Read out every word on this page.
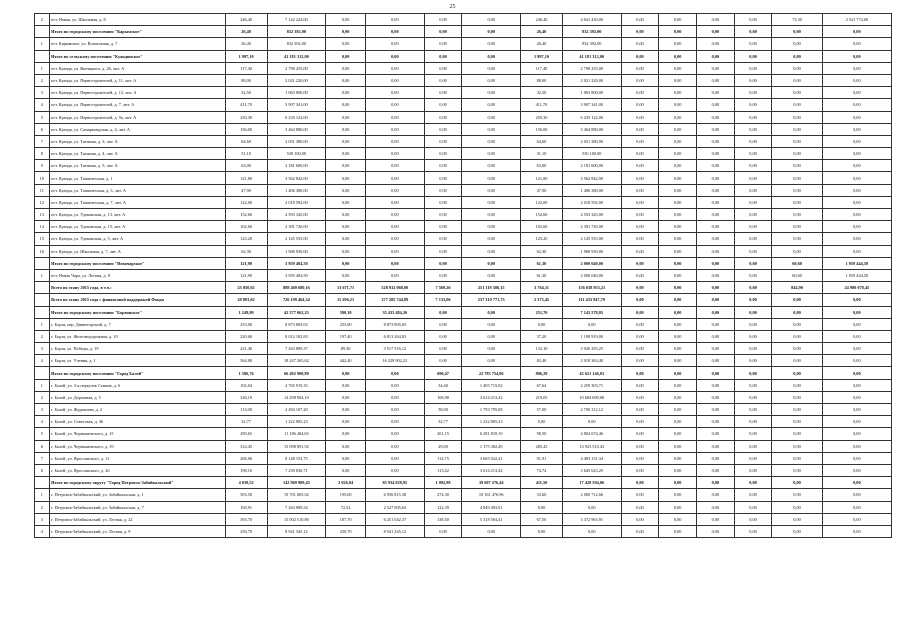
25
2	пгт. Новая, ул. Школьная, д. 8	246,40	7 142 224,00	0,00	0,00	0,00	0,00	246,40	4 641 430,00	0,00	0,00	0,00	0,00	73,30	2 521 774,00
	Итого по городскому поселению "Карымское"	26,40	832 392,00	0,00	0,00	0,00	0,00	26,40	832 392,00	0,00	0,00	0,00	0,00	0,00	0,00
1	пгт. Карымское, ул. Вокзальная, д. 7	26,40	832 392,00	0,00	0,00	0,00	0,00	26,40	832 392,00	0,00	0,00	0,00	0,00	0,00	0,00
	Итого по сельскому поселению "Куандинское"	1 997,10	41 181 312,00	0,00	0,00	0,00	0,00	1 997,10	41 181 312,00	0,00	0,00	0,00	0,00	0,00	0,00
1	пгт. Куанда, ул. Вытвцкого, д. 26, лит. А	117,40	2 798 255,00	0,00	0,00	0,00	0,00	117,40	2 798 255,00	0,00	0,00	0,00	0,00	0,00	0,00
2	пгт. Куанда, ул. Первостроителей, д. 11, лит. А	88,00	2 021 220,00	0,00	0,00	0,00	0,00	88,00	2 021 220,00	0,00	0,00	0,00	0,00	0,00	0,00
3	пгт. Куанда, ул. Первостроителей, д. 13, лит. А	32,50	1 063 800,00	0,00	0,00	0,00	0,00	32,50	1 063 800,00	0,00	0,00	0,00	0,00	0,00	0,00
4	пгт. Куанда, ул. Первостроителей, д. 7, лит. А	411,70	3 907 341,00	0,00	0,00	0,00	0,00	411,70	3 907 341,00	0,00	0,00	0,00	0,00	0,00	0,00
5	пгт. Куанда, ул. Первостроителей, д. 9а, лит. А	250,30	6 235 122,00	0,00	0,00	0,00	0,00	250,30	6 235 122,00	0,00	0,00	0,00	0,00	0,00	0,00
6	пгт. Куанда, ул. Самаркандская, д. 4, лит. А	156,00	3 464 880,00	0,00	0,00	0,00	0,00	156,00	3 464 880,00	0,00	0,00	0,00	0,00	0,00	0,00
7	пгт. Куанда, ул. Таежная, д. 3, лит. А	64,60	2 051 380,00	0,00	0,00	0,00	0,00	64,60	2 051 380,00	0,00	0,00	0,00	0,00	0,00	0,00
8	пгт. Куанда, ул. Таежная, д. 4, лит. А	31,10	530 100,00	0,00	0,00	0,00	0,00	31,10	530 100,00	0,00	0,00	0,00	0,00	0,00	0,00
9	пгт. Куанда, ул. Таежная, д. 5, лит. А	63,00	2 181 600,00	0,00	0,00	0,00	0,00	63,00	2 181 600,00	0,00	0,00	0,00	0,00	0,00	0,00
10	пгт. Куанда, ул. Ташкентская, д. 1	121,80	3 562 842,00	0,00	0,00	0,00	0,00	121,80	3 562 842,00	0,00	0,00	0,00	0,00	0,00	0,00
11	пгт. Куанда, ул. Ташкентская, д. 3, лит. А	47,90	1 406 380,00	0,00	0,00	0,00	0,00	47,90	1 406 380,00	0,00	0,00	0,00	0,00	0,00	0,00
12	пгт. Куанда, ул. Ташкентская, д. 7, лит. А	122,00	2 018 592,00	0,00	0,00	0,00	0,00	122,00	2 018 592,00	0,00	0,00	0,00	0,00	0,00	0,00
13	пгт. Куанда, ул. Удоканская, д. 13, лит. А	152,60	4 593 345,00	0,00	0,00	0,00	0,00	152,60	4 593 345,00	0,00	0,00	0,00	0,00	0,00	0,00
14	пгт. Куанда, ул. Удоканская, д. 15, лит. А	102,60	2 391 720,00	0,00	0,00	0,00	0,00	102,60	2 391 720,00	0,00	0,00	0,00	0,00	0,00	0,00
15	пгт. Куанда, ул. Удоканская, д. 5, лит. А	123,20	2 145 555,00	0,00	0,00	0,00	0,00	123,20	2 145 555,00	0,00	0,00	0,00	0,00	0,00	0,00
16	пгт. Куанда, ул. Школьная, д. 7, лит. А	62,30	1 908 930,00	0,00	0,00	0,00	0,00	62,30	1 908 930,00	0,00	0,00	0,00	0,00	0,00	0,00
	Итого по городскому поселению "Новочарское"	121,90	3 959 484,50	0,00	0,00	0,00	0,00	61,30	2 000 040,00	0,00	0,00	0,00	0,00	60,60	1 959 444,50
1	пгт. Новая Чара, ул. Лесная, д. 8	121,90	3 959 484,50	0,00	0,00	0,00	0,00	61,30	2 000 040,00	0,00	0,00	0,00	0,00	60,60	1 959 444,50
	Всего по этапу 2015 года, в т.ч.:	25 050,02	888 469 680,16	13 671,71	528 932 068,00	7 569,26	251 119 586,15	3 764,11	156 638 953,21	0,00	0,00	0,00	0,00	844,90	24 980 078,45
	Всего по этапу 2015 года с финансовой поддержкой Фонда	20 803,62	726 199 464,34	11 296,21	377 285 744,89	7 133,06	237 319 771,75	2 373,45	111 433 947,70	0,00	0,00	0,00	0,00	0,00	0,00
	Итого по городскому поселению "Борзинское"	1 249,80	42 577 062,25	590,10	35 433 484,26	0,00	0,00	251,70	7 143 578,05	0,00	0,00	0,00	0,00	0,00	0,00
1	г. Борзя, пер. Дивногорский, д. 7	253,00	8 873 805,03	253,00	8 873 805,03	0,00	0,00	0,00	0,00	0,00	0,00	0,00	0,00	0,00	0,00
2	г. Борзя, ул. Железнодорожная, д. 10	220,60	8 012 182,83	197,40	6 813 264,83	0,00	0,00	37,20	1 198 919,00	0,00	0,00	0,00	0,00	0,00	0,00
3	г. Борзя, ул. Победы, д. 19	221,40	7 443 809,37	89,30	3 517 516,12	0,00	0,00	132,10	3 926 293,25	0,00	0,00	0,00	0,00	0,00	0,00
4	г. Борзя, ул. Учения, д. 1	564,80	18 247 265,62	442,40	16 228 902,22	0,00	0,00	82,40	2 018 363,40	0,00	0,00	0,00	0,00	0,00	0,00
	Итого по городскому поселению "Город Балей"	1 586,76	66 492 900,89	0,00	0,00	690,47	22 783 754,86	896,29	43 621 146,03	0,00	0,00	0,00	0,00	0,00	0,00
1	г. Балей, ул. 3-я переулок Сенина, д. 6	102,04	4 765 919,35	0,00	0,00	34,40	1 405 715,02	67,64	2 259 303,71	0,00	0,00	0,00	0,00	0,00	0,00
2	г. Балей, ул. Дорожная, д. 5	326,10	14 298 904,10	0,00	0,00	106,98	3 614 213,42	219,05	10 684 690,68	0,00	0,00	0,00	0,00	0,00	0,00
3	г. Балей, ул. Журавлева, д. 2	113,00	4 494 107,20	0,00	0,00	58,00	1 793 795,08	57,00	2 700 312,12	0,00	0,00	0,00	0,00	0,00	0,00
4	г. Балей, ул. Советская, д. 46	32,77	1 222 805,23	0,00	0,00	32,77	1 222 805,23	0,00	0,00	0,00	0,00	0,00	0,00	0,00	0,00
5	г. Балей, ул. Чернышевского, д. 15	299,65	11 186 484,65	0,00	0,00	201,15	6 281 810,19	98,50	4 804 674,46	0,00	0,00	0,00	0,00	0,00	0,00
6	г. Балей, ул. Чернышевского, д. 19	314,45	15 098 891,92	0,00	0,00	29,00	1 175 382,49	285,45	13 923 510,43	0,00	0,00	0,00	0,00	0,00	0,00
7	г. Балей, ул. Ярославского, д. 11	206,06	8 148 153,75	0,00	0,00	114,75	3 665 022,41	91,91	4 483 131,34	0,00	0,00	0,00	0,00	0,00	0,00
8	г. Балей, ул. Ярославского, д. 26	198,16	7 239 836,71	0,00	0,00	113,42	3 614 213,42	74,74	3 645 623,29	0,00	0,00	0,00	0,00	0,00	0,00
	Итого по городскому округу "Город Петровск-Забайкальский"	4 038,52	142 969 909,45	2 026,04	85 934 028,95	1 092,88	39 607 276,44	411,50	17 428 594,06	0,00	0,00	0,00	0,00	0,00	0,00
1	г. Петровск-Забайкальский, ул. Забайкальская, д. 1	503,50	19 701 005,02	195,60	6 956 815,38	274,30	10 161 476,96	33,60	2 000 712,66	0,00	0,00	0,00	0,00	0,00	0,00
2	г. Петровск-Забайкальский, ул. Забайкальская, д. 7	194,91	7 263 909,54	72,52	2 527 005,63	122,39	4 849 403,91	0,00	0,00	0,00	0,00	0,00	0,00	0,00	0,00
3	г. Петровск-Забайкальский, ул. Лесная, д. 22	393,70	15 002 510,80	187,70	6 251 042,37	138,50	5 318 504,41	67,50	3 372 963,91	0,00	0,00	0,00	0,00	0,00	0,00
4	г. Петровск-Забайкальский, ул. Лесная, д. 9	250,70	8 941 345,12	250,70	8 941 345,12	0,00	0,00	0,00	0,00	0,00	0,00	0,00	0,00	0,00	0,00
